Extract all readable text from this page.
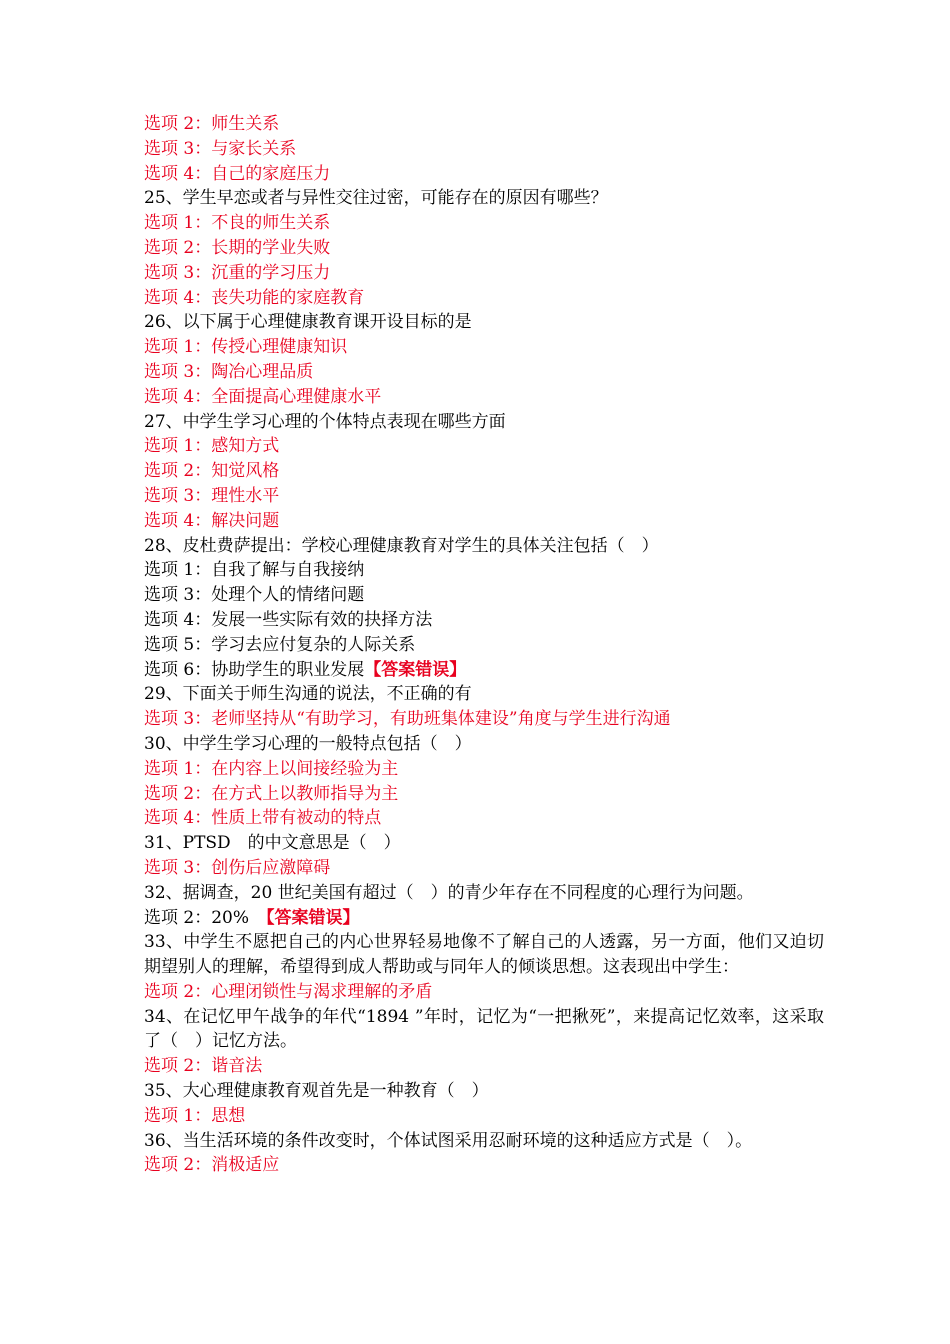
选项 2：师生关系
选项 3：与家长关系
选项 4：自己的家庭压力
25、学生早恋或者与异性交往过密，可能存在的原因有哪些？
选项 1：不良的师生关系
选项 2：长期的学业失败
选项 3：沉重的学习压力
选项 4：丧失功能的家庭教育
26、以下属于心理健康教育课开设目标的是
选项 1：传授心理健康知识
选项 3：陶冶心理品质
选项 4：全面提高心理健康水平
27、中学生学习心理的个体特点表现在哪些方面
选项 1：感知方式
选项 2：知觉风格
选项 3：理性水平
选项 4：解决问题
28、皮杜费萨提出：学校心理健康教育对学生的具体关注包括（　）
选项 1：自我了解与自我接纳
选项 3：处理个人的情绪问题
选项 4：发展一些实际有效的抉择方法
选项 5：学习去应付复杂的人际关系
选项 6：协助学生的职业发展【答案错误】
29、下面关于师生沟通的说法，不正确的有
选项 3：老师坚持从“有助学习，有助班集体建设”角度与学生进行沟通
30、中学生学习心理的一般特点包括（　）
选项 1：在内容上以间接经验为主
选项 2：在方式上以教师指导为主
选项 4：性质上带有被动的特点
31、PTSD　的中文意思是（　）
选项 3：创伤后应激障碍
32、据调查，20 世纪美国有超过（　）的青少年存在不同程度的心理行为问题。
选项 2：20%　【答案错误】
33、中学生不愿把自己的内心世界轻易地像不了解自己的人透露，另一方面，他们又迫切期望别人的理解，希望得到成人帮助或与同年人的倾谈思想。这表现出中学生：
选项 2：心理闭锁性与渴求理解的矛盾
34、在记忆甲午战争的年代“1894 ”年时，记忆为“一把揪死”，来提高记忆效率，这采取了（　）记忆方法。
选项 2：谐音法
35、大心理健康教育观首先是一种教育（　）
选项 1：思想
36、当生活环境的条件改变时，个体试图采用忍耐环境的这种适应方式是（　）。
选项 2：消极适应
